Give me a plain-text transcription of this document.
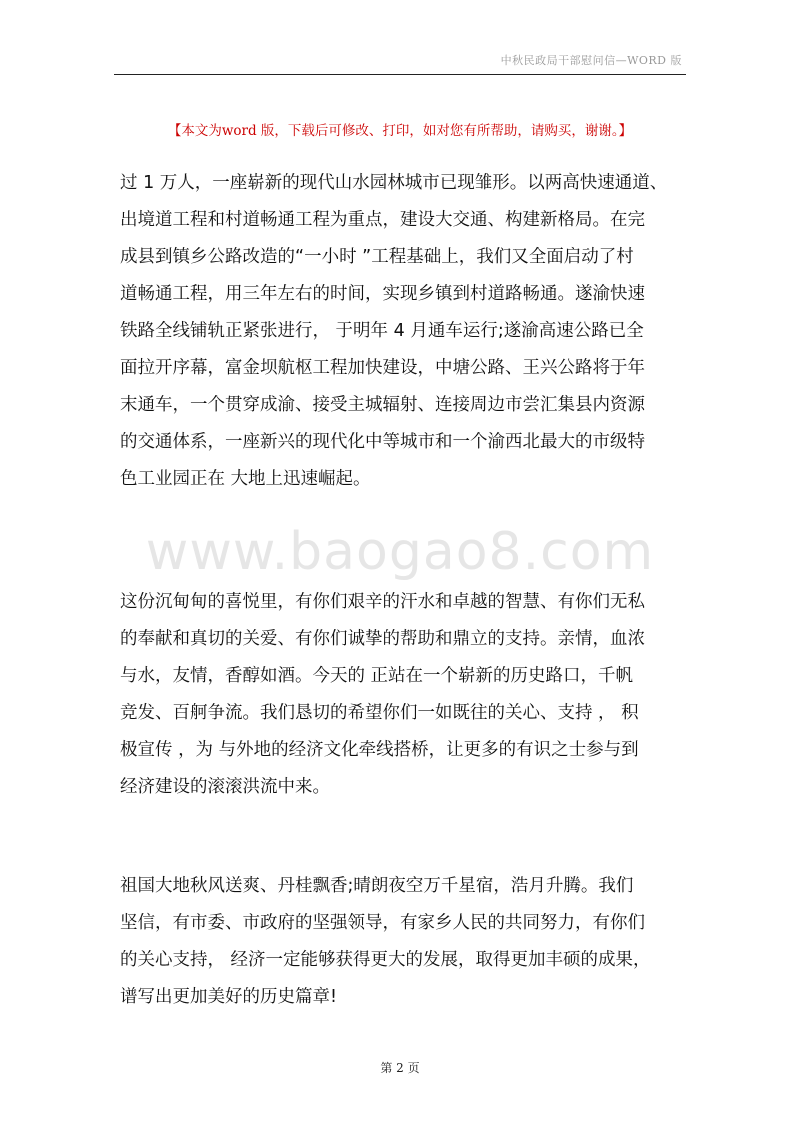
中秋民政局干部慰问信—WORD 版
【本文为word 版，下载后可修改、打印，如对您有所帮助，请购买，谢谢。】
www.baogao8.com
过 1 万人，一座崭新的现代山水园林城市已现雏形。以两高快速通道、
出境道工程和村道畅通工程为重点，建设大交通、构建新格局。在完
成县到镇乡公路改造的“一小时 ”工程基础上，我们又全面启动了村
道畅通工程，用三年左右的时间，实现乡镇到村道路畅通。遂渝快速
铁路全线铺轨正紧张进行， 于明年 4 月通车运行;遂渝高速公路已全
面拉开序幕，富金坝航枢工程加快建设，中塘公路、王兴公路将于年
末通车，一个贯穿成渝、接受主城辐射、连接周边市尝汇集县内资源
的交通体系，一座新兴的现代化中等城市和一个渝西北最大的市级特
色工业园正在 大地上迅速崛起。
这份沉甸甸的喜悦里，有你们艰辛的汗水和卓越的智慧、有你们无私
的奉献和真切的关爱、有你们诚挚的帮助和鼎立的支持。亲情，血浓
与水，友情，香醇如酒。今天的 正站在一个崭新的历史路口，千帆
竞发、百舸争流。我们恳切的希望你们一如既往的关心、支持 ， 积
极宣传 ，为 与外地的经济文化牵线搭桥，让更多的有识之士参与到
经济建设的滚滚洪流中来。
祖国大地秋风送爽、丹桂飘香;晴朗夜空万千星宿，浩月升腾。我们
坚信，有市委、市政府的坚强领导，有家乡人民的共同努力，有你们
的关心支持， 经济一定能够获得更大的发展，取得更加丰硕的成果，
谱写出更加美好的历史篇章!
第 2 页
